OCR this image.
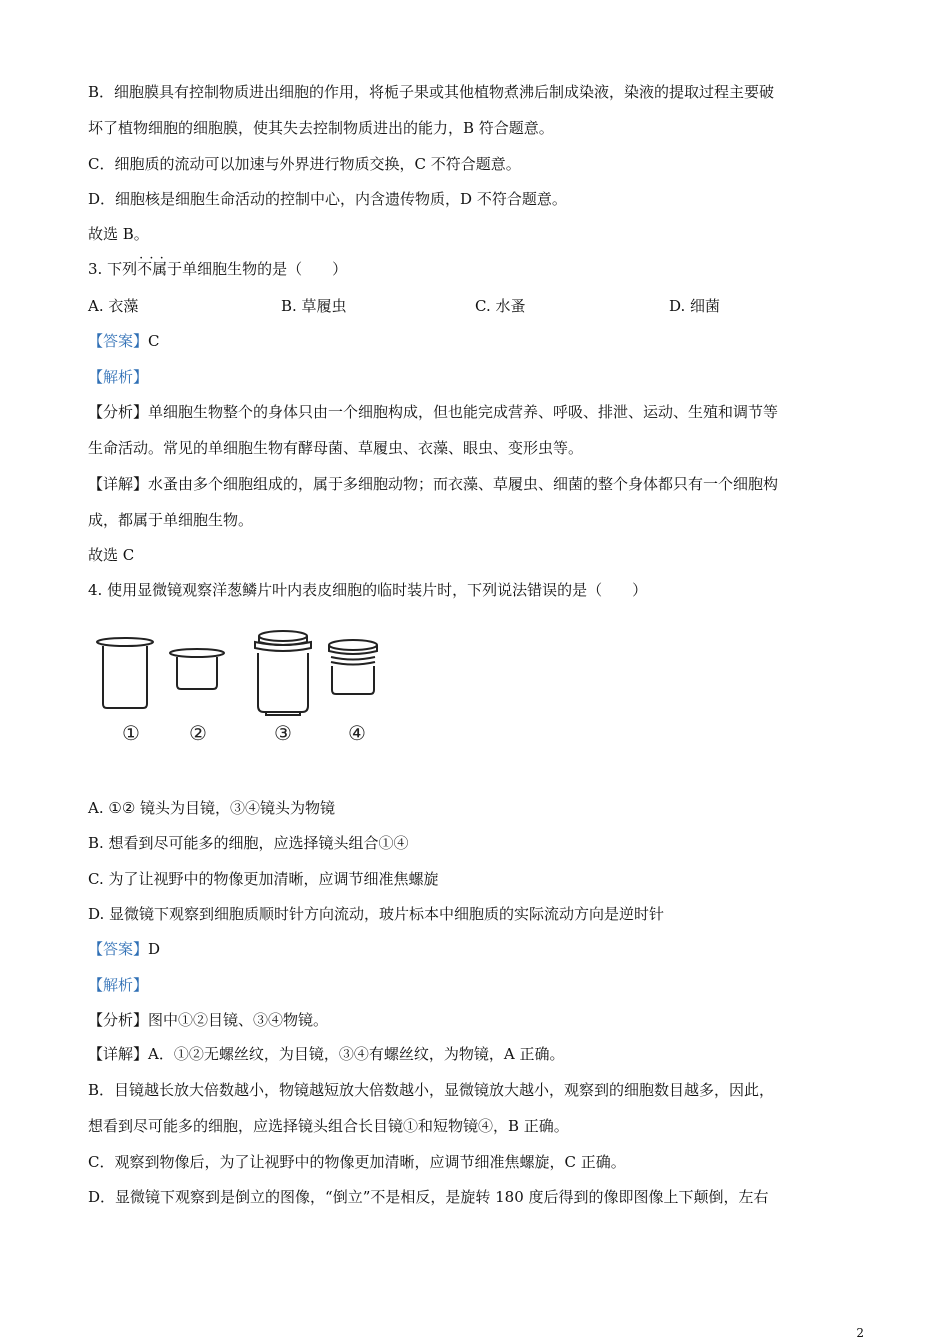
B．细胞膜具有控制物质进出细胞的作用，将栀子果或其他植物煮沸后制成染液，染液的提取过程主要破
坏了植物细胞的细胞膜，使其失去控制物质进出的能力，B 符合题意。
C．细胞质的流动可以加速与外界进行物质交换，C 不符合题意。
D．细胞核是细胞生命活动的控制中心，内含遗传物质，D 不符合题意。
故选 B。
3. 下列· · · 不属于单细胞生物的是（　　）
A. 衣藻	B. 草履虫	C. 水蚤	D. 细菌
【答案】C
【解析】
【分析】单细胞生物整个的身体只由一个细胞构成，但也能完成营养、呼吸、排泄、运动、生殖和调节等
生命活动。常见的单细胞生物有酵母菌、草履虫、衣藻、眼虫、变形虫等。
【详解】水蚤由多个细胞组成的，属于多细胞动物；而衣藻、草履虫、细菌的整个身体都只有一个细胞构
成，都属于单细胞生物。
故选 C
4. 使用显微镜观察洋葱鳞片叶内表皮细胞的临时装片时，下列说法错误的是（　　）
① ②	③	④
A. ①② 镜头为目镜，③④镜头为物镜
B. 想看到尽可能多的细胞，应选择镜头组合①④
C. 为了让视野中的物像更加清晰，应调节细准焦螺旋
D. 显微镜下观察到细胞质顺时针方向流动，玻片标本中细胞质的实际流动方向是逆时针
【答案】D
【解析】
【分析】图中①②目镜、③④物镜。
【详解】A．①②无螺丝纹，为目镜，③④有螺丝纹，为物镜，A 正确。
B．目镜越长放大倍数越小，物镜越短放大倍数越小，显微镜放大越小，观察到的细胞数目越多，因此，
想看到尽可能多的细胞，应选择镜头组合长目镜①和短物镜④，B 正确。
C．观察到物像后，为了让视野中的物像更加清晰，应调节细准焦螺旋，C 正确。
D．显微镜下观察到是倒立的图像，“倒立”不是相反，是旋转 180 度后得到的像即图像上下颠倒，左右
2
